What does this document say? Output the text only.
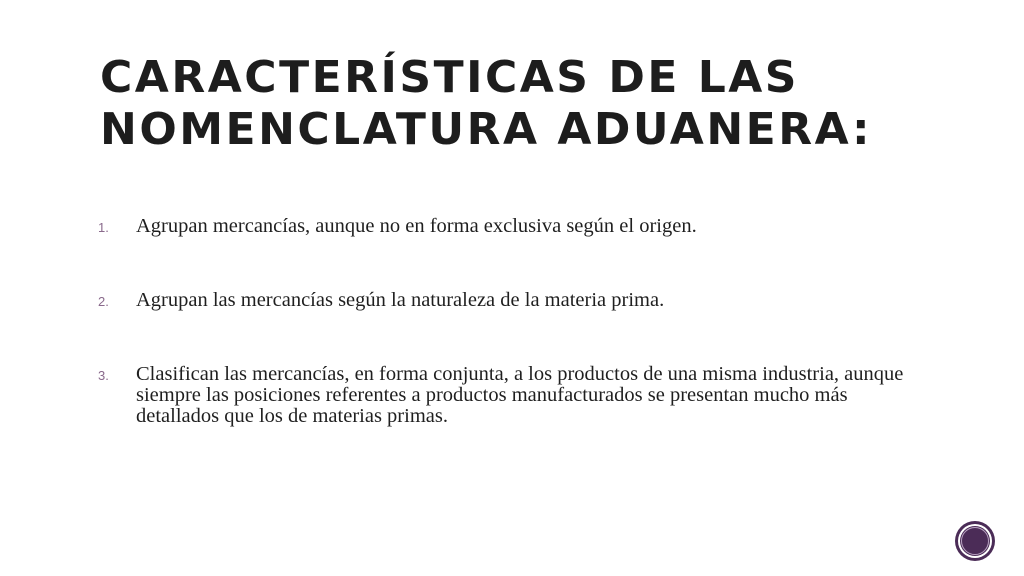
CARACTERÍSTICAS DE LAS
NOMENCLATURA ADUANERA:
1. Agrupan mercancías, aunque no en forma exclusiva según el origen.
2. Agrupan las mercancías según la naturaleza de la materia prima.
3. Clasifican las mercancías, en forma conjunta, a los productos de una misma industria, aunque siempre las posiciones referentes a productos manufacturados se presentan mucho más detallados que los de materias primas.
